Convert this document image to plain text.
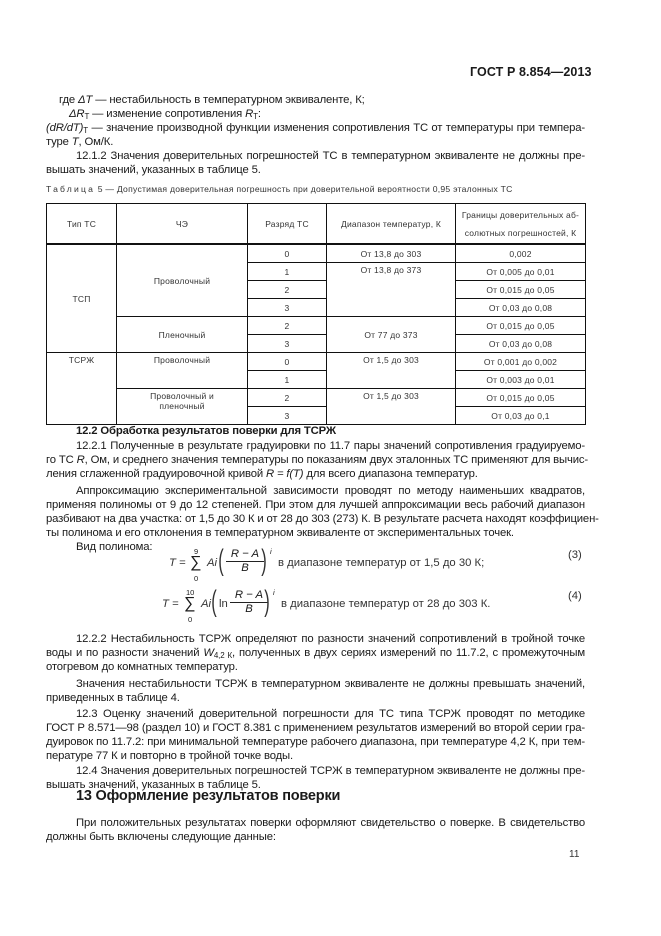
ГОСТ Р 8.854—2013
где ΔT — нестабильность в температурном эквиваленте, К;
$\Delta R_T$ — изменение сопротивления $R_T$:
$(dR/dT)_T$ — значение производной функции изменения сопротивления ТС от температуры при темпера-
туре T, Ом/К.
12.1.2 Значения доверительных погрешностей ТС в температурном эквиваленте не должны пре-
вышать значений, указанных в таблице 5.
Таблица 5 — Допустимая доверительная погрешность при доверительной вероятности 0,95 эталонных ТС
Тип ТС	ЧЭ	Разряд ТС	Диапазон температур, К	Границы доверительных аб-
солютных погрешностей, К
ТСП	Проволочный	0	От 13,8 до 303	0,002
		1	От 13,8 до 373	От 0,005 до 0,01
		2		От 0,015 до 0,05
		3		От 0,03 до 0,08
	Пленочный	2	От 77 до 373	От 0,015 до 0,05
		3		От 0,03 до 0,08
ТСРЖ	Проволочный	0	От 1,5 до 303	От 0,001 до 0,002
		1		От 0,003 до 0,01
	Проволочный и
пленочный	2	От 1,5 до 303	От 0,015 до 0,05
		3		От 0,03 до 0,1
12.2 Обработка результатов поверки для ТСРЖ
12.2.1 Полученные в результате градуировки по 11.7 пары значений сопротивления градуируемо-
го ТС R, Ом, и среднего значения температуры по показаниям двух эталонных ТС применяют для вычис-
ления сглаженной градуировочной кривой R = f(T) для всего диапазона температур.
Аппроксимацию экспериментальной зависимости проводят по методу наименьших квадратов,
применяя полиномы от 9 до 12 степеней. При этом для лучшей аппроксимации весь рабочий диапазон
разбивают на два участка: от 1,5 до 30 К и от 28 до 303 (273) К. В результате расчета находят коэффициен-
ты полинома и его отклонения в температурном эквиваленте от экспериментальных точек.
Вид полинома:
T =
9
∑
0
Ai ( $\frac{R - A}{B}$
) i
в диапазоне температур от 1,5 до 30 К;
(3)
T =
10
∑
0
Ai ( $\ln \frac{R - A}{B}$
) i
в диапазоне температур от 28 до 303 К.
(4)
12.2.2 Нестабильность ТСРЖ определяют по разности значений сопротивлений в тройной точке
воды и по разности значений $W_{4,2 К}$, полученных в двух сериях измерений по 11.7.2, с промежуточным
отогревом до комнатных температур.
Значения нестабильности ТСРЖ в температурном эквиваленте не должны превышать значений,
приведенных в таблице 4.
12.3 Оценку значений доверительной погрешности для ТС типа ТСРЖ проводят по методике
ГОСТ Р 8.571—98 (раздел 10) и ГОСТ 8.381 с применением результатов измерений во второй серии гра-
дуировок по 11.7.2: при минимальной температуре рабочего диапазона, при температуре 4,2 К, при тем-
пературе 77 К и повторно в тройной точке воды.
12.4 Значения доверительных погрешностей ТСРЖ в температурном эквиваленте не должны пре-
вышать значений, указанных в таблице 5.
13 Оформление результатов поверки
При положительных результатах поверки оформляют свидетельство о поверке. В свидетельство
должны быть включены следующие данные:
11
